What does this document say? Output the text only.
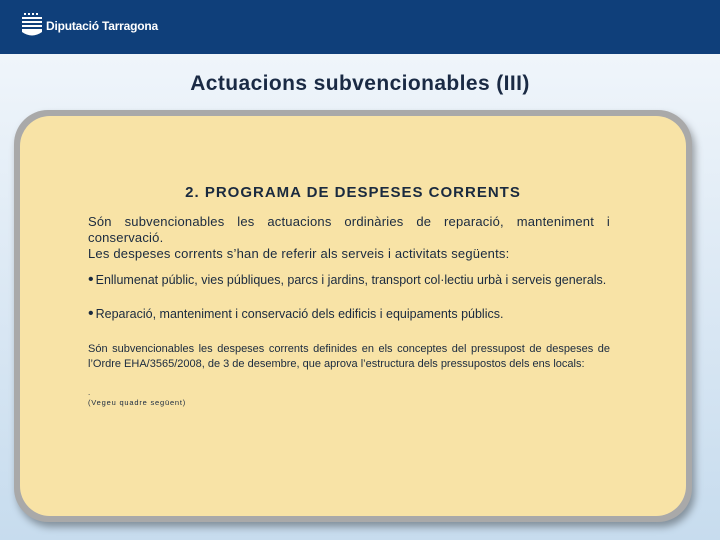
Diputació Tarragona
Actuacions subvencionables (III)
2. PROGRAMA DE DESPESES CORRENTS

Són subvencionables les actuacions ordinàries de reparació, manteniment i conservació.

Les despeses corrents s’han de referir als serveis i activitats següents:

• Enllumenat públic, vies públiques, parcs i jardins, transport col·lectiu urbà i serveis generals.
• Reparació, manteniment i conservació dels edificis i equipaments públics.

Són subvencionables les despeses corrents definides en els conceptes del pressupost de despeses de l’Ordre EHA/3565/2008, de 3 de desembre, que aprova l’estructura dels pressupostos dels ens locals:

.
(Vegeu quadre següent)
